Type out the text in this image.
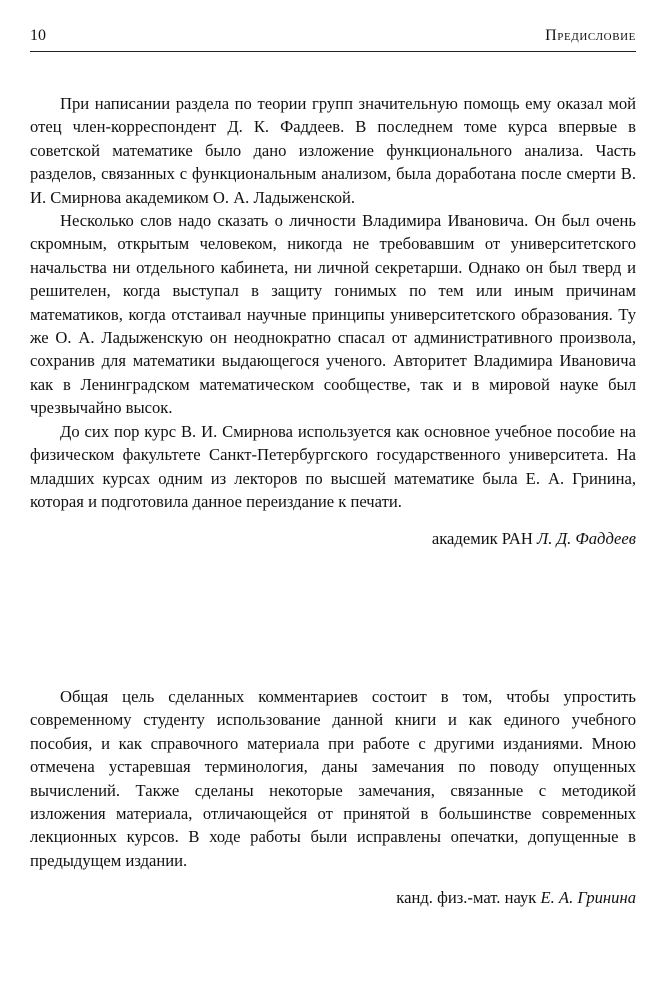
10	Предисловие

При написании раздела по теории групп значительную помощь ему оказал мой отец член-корреспондент Д. К. Фаддеев. В последнем томе курса впервые в советской математике было дано изложение функционального анализа. Часть разделов, связанных с функциональным анализом, была доработана после смерти В. И. Смирнова академиком О. А. Ладыженской.

Несколько слов надо сказать о личности Владимира Ивановича. Он был очень скромным, открытым человеком, никогда не требовавшим от университетского начальства ни отдельного кабинета, ни личной секретарши. Однако он был тверд и решителен, когда выступал в защиту гонимых по тем или иным причинам математиков, когда отстаивал научные принципы университетского образования. Ту же О. А. Ладыженскую он неоднократно спасал от административного произвола, сохранив для математики выдающегося ученого. Авторитет Владимира Ивановича как в Ленинградском математическом сообществе, так и в мировой науке был чрезвычайно высок.

До сих пор курс В. И. Смирнова используется как основное учебное пособие на физическом факультете Санкт-Петербургского государственного университета. На младших курсах одним из лекторов по высшей математике была Е. А. Гринина, которая и подготовила данное переиздание к печати.

академик РАН Л. Д. Фаддеев

Общая цель сделанных комментариев состоит в том, чтобы упростить современному студенту использование данной книги и как единого учебного пособия, и как справочного материала при работе с другими изданиями. Мною отмечена устаревшая терминология, даны замечания по поводу опущенных вычислений. Также сделаны некоторые замечания, связанные с методикой изложения материала, отличающейся от принятой в большинстве современных лекционных курсов. В ходе работы были исправлены опечатки, допущенные в предыдущем издании.

канд. физ.-мат. наук Е. А. Гринина
